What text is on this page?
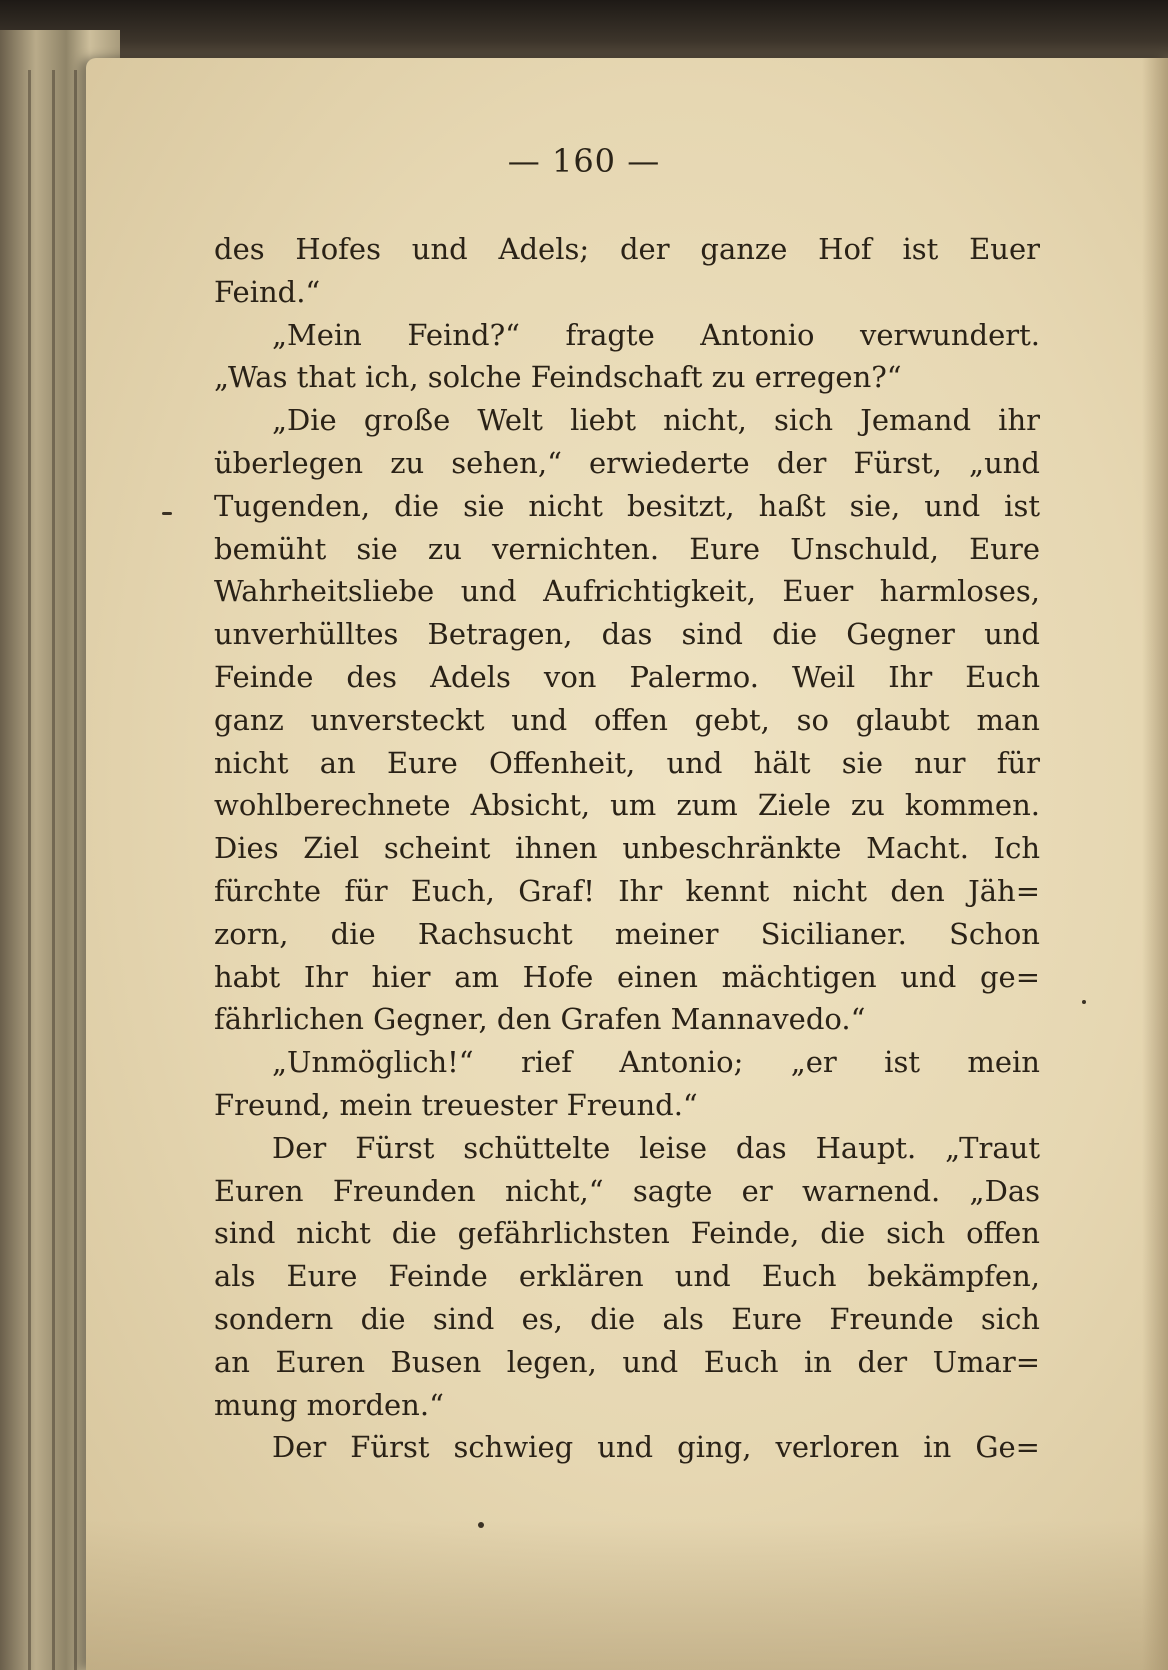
— 160 —

des Hofes und Adels; der ganze Hof ist Euer

Feind.“

„Mein Feind?“ fragte Antonio verwundert.

„Was that ich, solche Feindschaft zu erregen?“

„Die große Welt liebt nicht, sich Jemand ihr

überlegen zu sehen,“ erwiederte der Fürst, „und

Tugenden, die sie nicht besitzt, haßt sie, und ist

bemüht sie zu vernichten. Eure Unschuld, Eure

Wahrheitsliebe und Aufrichtigkeit, Euer harmloses,

unverhülltes Betragen, das sind die Gegner und

Feinde des Adels von Palermo. Weil Ihr Euch

ganz unversteckt und offen gebt, so glaubt man

nicht an Eure Offenheit, und hält sie nur für

wohlberechnete Absicht, um zum Ziele zu kommen.

Dies Ziel scheint ihnen unbeschränkte Macht. Ich

fürchte für Euch, Graf! Ihr kennt nicht den Jäh=

zorn, die Rachsucht meiner Sicilianer. Schon

habt Ihr hier am Hofe einen mächtigen und ge=

fährlichen Gegner, den Grafen Mannavedo.“

„Unmöglich!“ rief Antonio; „er ist mein

Freund, mein treuester Freund.“

Der Fürst schüttelte leise das Haupt. „Traut

Euren Freunden nicht,“ sagte er warnend. „Das

sind nicht die gefährlichsten Feinde, die sich offen

als Eure Feinde erklären und Euch bekämpfen,

sondern die sind es, die als Eure Freunde sich

an Euren Busen legen, und Euch in der Umar=

mung morden.“

Der Fürst schwieg und ging, verloren in Ge=
